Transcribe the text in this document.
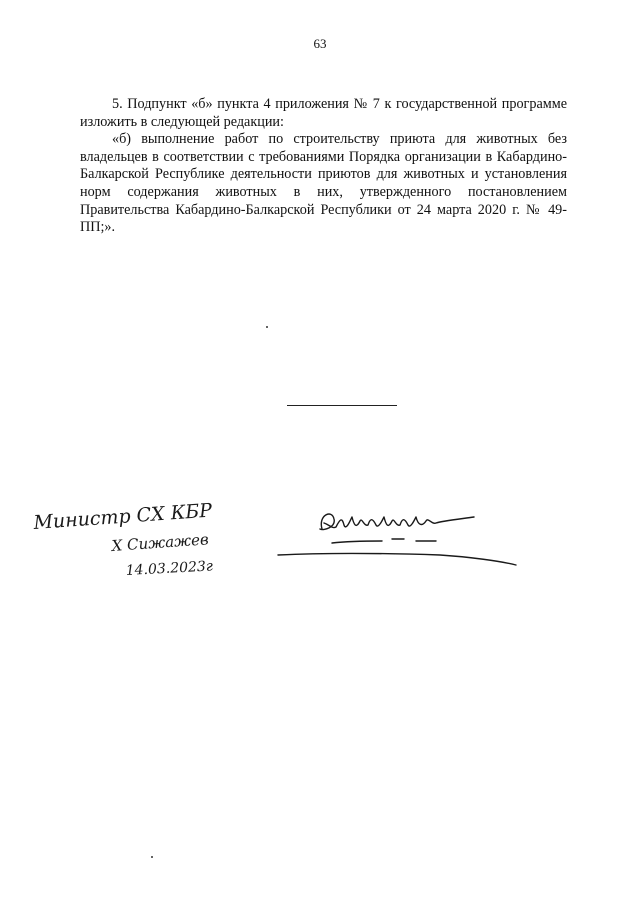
63

5. Подпункт «б» пункта 4 приложения № 7 к государственной программе изложить в следующей редакции:

«б) выполнение работ по строительству приюта для животных без владельцев в соответствии с требованиями Порядка организации в Кабардино-Балкарской Республике деятельности приютов для животных и установления норм содержания животных в них, утвержденного постановлением Правительства Кабардино-Балкарской Республики от 24 марта 2020 г. № 49-ПП;».

Министр СХ КБР
Х Сижажев
14.03.2023г
